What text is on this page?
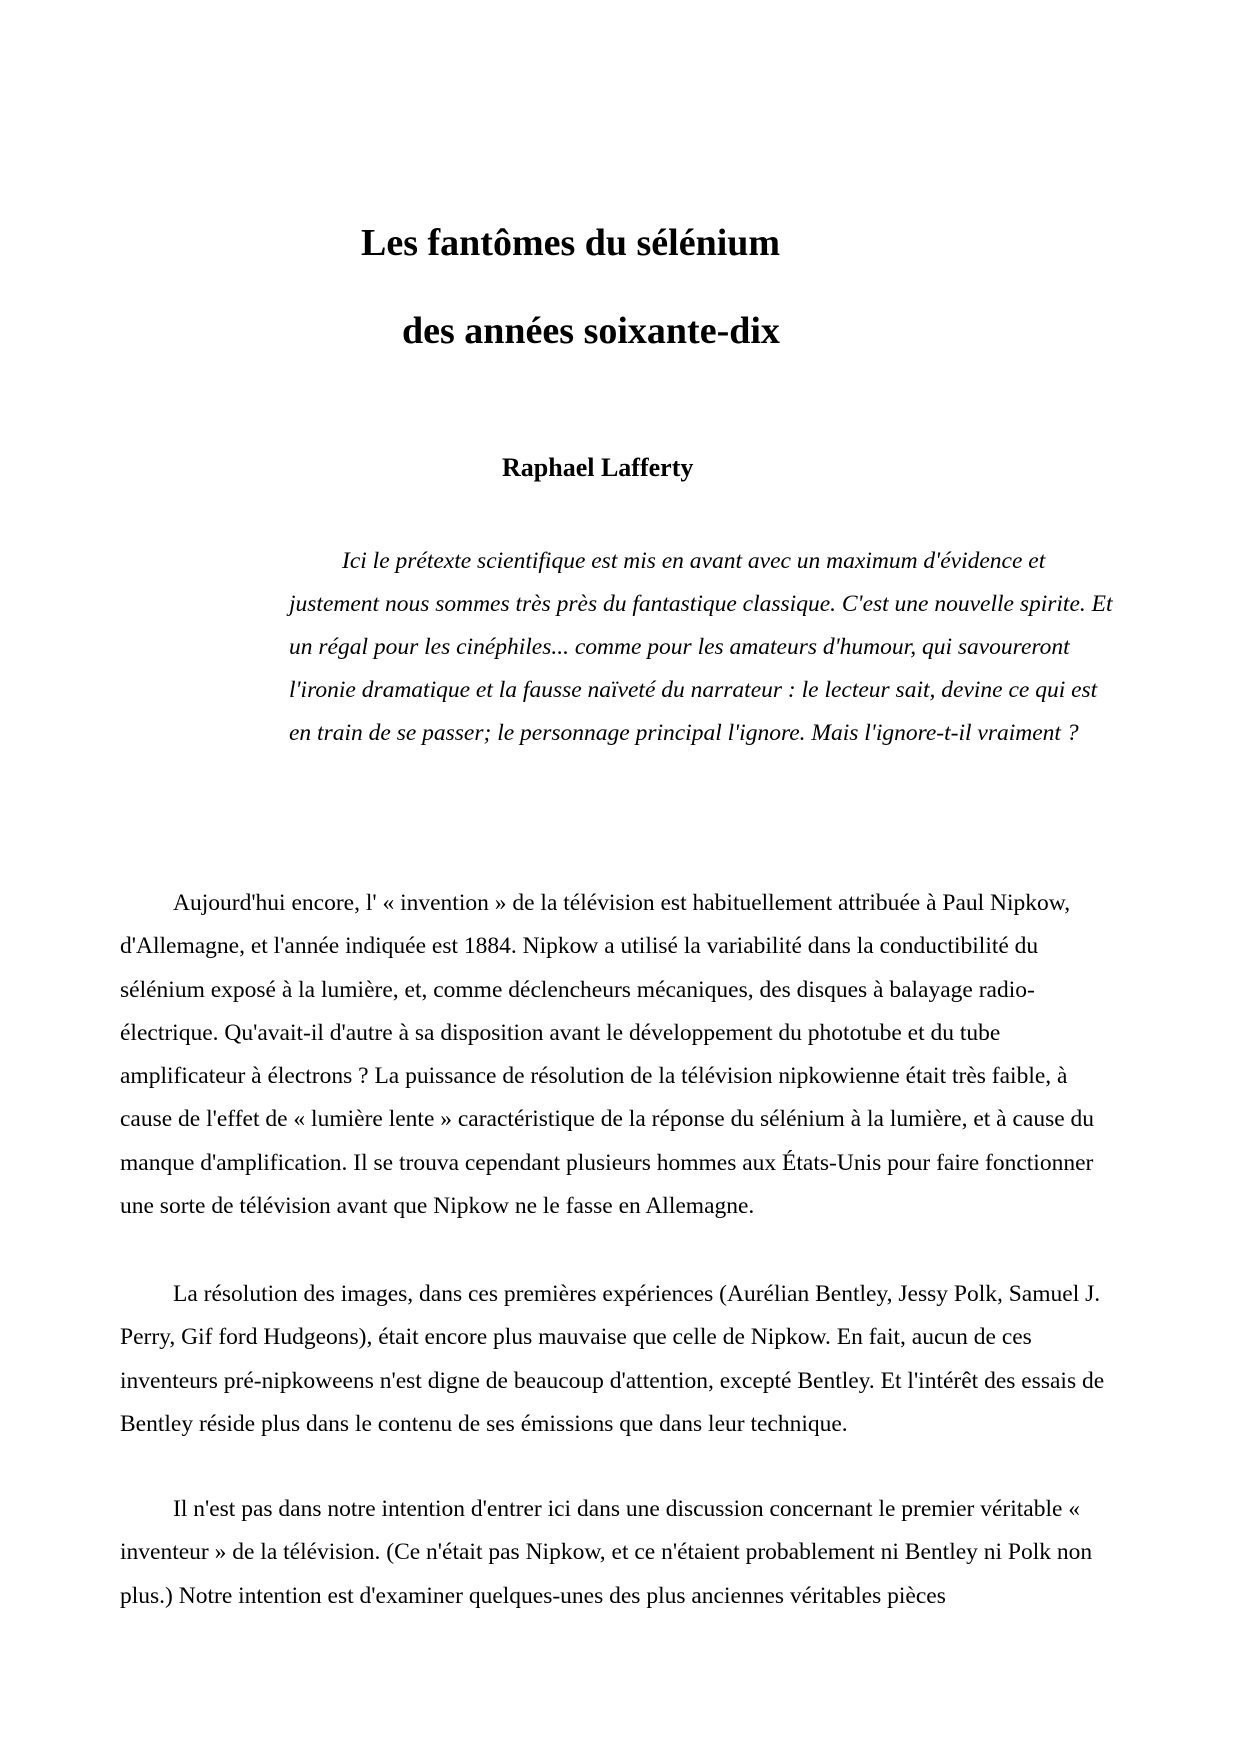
Les fantômes du sélénium
des années soixante-dix

Raphael Lafferty

Ici le prétexte scientifique est mis en avant avec un maximum d'évidence et justement nous sommes très près du fantastique classique. C'est une nouvelle spirite. Et un régal pour les cinéphiles... comme pour les amateurs d'humour, qui savoureront l'ironie dramatique et la fausse naïveté du narrateur : le lecteur sait, devine ce qui est en train de se passer; le personnage principal l'ignore. Mais l'ignore-t-il vraiment ?

Aujourd'hui encore, l' « invention » de la télévision est habituellement attribuée à Paul Nipkow, d'Allemagne, et l'année indiquée est 1884. Nipkow a utilisé la variabilité dans la conductibilité du sélénium exposé à la lumière, et, comme déclencheurs mécaniques, des disques à balayage radio-électrique. Qu'avait-il d'autre à sa disposition avant le développement du phototube et du tube amplificateur à électrons ? La puissance de résolution de la télévision nipkowienne était très faible, à cause de l'effet de « lumière lente » caractéristique de la réponse du sélénium à la lumière, et à cause du manque d'amplification. Il se trouva cependant plusieurs hommes aux États-Unis pour faire fonctionner une sorte de télévision avant que Nipkow ne le fasse en Allemagne.

La résolution des images, dans ces premières expériences (Aurélian Bentley, Jessy Polk, Samuel J. Perry, Gif ford Hudgeons), était encore plus mauvaise que celle de Nipkow. En fait, aucun de ces inventeurs pré-nipkoweens n'est digne de beaucoup d'attention, excepté Bentley. Et l'intérêt des essais de Bentley réside plus dans le contenu de ses émissions que dans leur technique.

Il n'est pas dans notre intention d'entrer ici dans une discussion concernant le premier véritable « inventeur » de la télévision. (Ce n'était pas Nipkow, et ce n'étaient probablement ni Bentley ni Polk non plus.) Notre intention est d'examiner quelques-unes des plus anciennes véritables pièces
